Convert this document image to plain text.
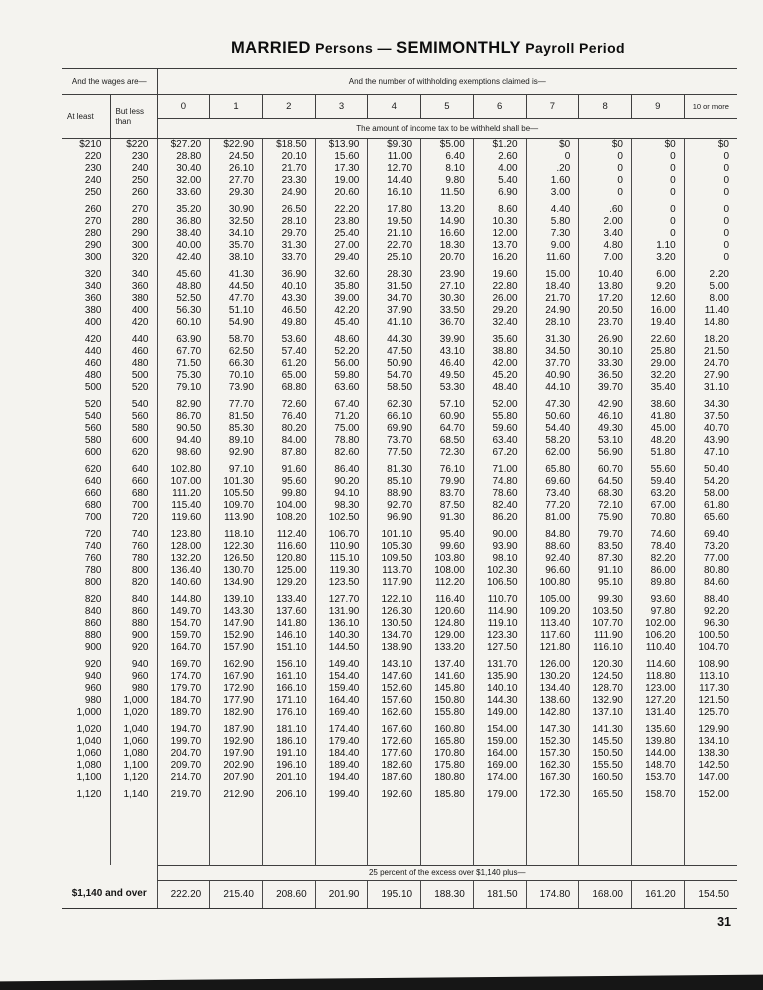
MARRIED Persons — SEMIMONTHLY Payroll Period
And the wages are—		And the number of withholding exemptions claimed is—										
At least	But less than	0	1	2	3	4	5	6	7	8	9	10 or more
		The amount of income tax to be withheld shall be—										
$210	$220	$27.20	$22.90	$18.50	$13.90	$9.30	$5.00	$1.20	$0	$0	$0	$0
220	230	28.80	24.50	20.10	15.60	11.00	6.40	2.60	0	0	0	0
230	240	30.40	26.10	21.70	17.30	12.70	8.10	4.00	.20	0	0	0
240	250	32.00	27.70	23.30	19.00	14.40	9.80	5.40	1.60	0	0	0
250	260	33.60	29.30	24.90	20.60	16.10	11.50	6.90	3.00	0	0	0

260	270	35.20	30.90	26.50	22.20	17.80	13.20	8.60	4.40	.60	0	0
270	280	36.80	32.50	28.10	23.80	19.50	14.90	10.30	5.80	2.00	0	0
280	290	38.40	34.10	29.70	25.40	21.10	16.60	12.00	7.30	3.40	0	0
290	300	40.00	35.70	31.30	27.00	22.70	18.30	13.70	9.00	4.80	1.10	0
300	320	42.40	38.10	33.70	29.40	25.10	20.70	16.20	11.60	7.00	3.20	0

320	340	45.60	41.30	36.90	32.60	28.30	23.90	19.60	15.00	10.40	6.00	2.20
340	360	48.80	44.50	40.10	35.80	31.50	27.10	22.80	18.40	13.80	9.20	5.00
360	380	52.50	47.70	43.30	39.00	34.70	30.30	26.00	21.70	17.20	12.60	8.00
380	400	56.30	51.10	46.50	42.20	37.90	33.50	29.20	24.90	20.50	16.00	11.40
400	420	60.10	54.90	49.80	45.40	41.10	36.70	32.40	28.10	23.70	19.40	14.80

420	440	63.90	58.70	53.60	48.60	44.30	39.90	35.60	31.30	26.90	22.60	18.20
440	460	67.70	62.50	57.40	52.20	47.50	43.10	38.80	34.50	30.10	25.80	21.50
460	480	71.50	66.30	61.20	56.00	50.90	46.40	42.00	37.70	33.30	29.00	24.70
480	500	75.30	70.10	65.00	59.80	54.70	49.50	45.20	40.90	36.50	32.20	27.90
500	520	79.10	73.90	68.80	63.60	58.50	53.30	48.40	44.10	39.70	35.40	31.10

520	540	82.90	77.70	72.60	67.40	62.30	57.10	52.00	47.30	42.90	38.60	34.30
540	560	86.70	81.50	76.40	71.20	66.10	60.90	55.80	50.60	46.10	41.80	37.50
560	580	90.50	85.30	80.20	75.00	69.90	64.70	59.60	54.40	49.30	45.00	40.70
580	600	94.40	89.10	84.00	78.80	73.70	68.50	63.40	58.20	53.10	48.20	43.90
600	620	98.60	92.90	87.80	82.60	77.50	72.30	67.20	62.00	56.90	51.80	47.10

620	640	102.80	97.10	91.60	86.40	81.30	76.10	71.00	65.80	60.70	55.60	50.40
640	660	107.00	101.30	95.60	90.20	85.10	79.90	74.80	69.60	64.50	59.40	54.20
660	680	111.20	105.50	99.80	94.10	88.90	83.70	78.60	73.40	68.30	63.20	58.00
680	700	115.40	109.70	104.00	98.30	92.70	87.50	82.40	77.20	72.10	67.00	61.80
700	720	119.60	113.90	108.20	102.50	96.90	91.30	86.20	81.00	75.90	70.80	65.60

720	740	123.80	118.10	112.40	106.70	101.10	95.40	90.00	84.80	79.70	74.60	69.40
740	760	128.00	122.30	116.60	110.90	105.30	99.60	93.90	88.60	83.50	78.40	73.20
760	780	132.20	126.50	120.80	115.10	109.50	103.80	98.10	92.40	87.30	82.20	77.00
780	800	136.40	130.70	125.00	119.30	113.70	108.00	102.30	96.60	91.10	86.00	80.80
800	820	140.60	134.90	129.20	123.50	117.90	112.20	106.50	100.80	95.10	89.80	84.60

820	840	144.80	139.10	133.40	127.70	122.10	116.40	110.70	105.00	99.30	93.60	88.40
840	860	149.70	143.30	137.60	131.90	126.30	120.60	114.90	109.20	103.50	97.80	92.20
860	880	154.70	147.90	141.80	136.10	130.50	124.80	119.10	113.40	107.70	102.00	96.30
880	900	159.70	152.90	146.10	140.30	134.70	129.00	123.30	117.60	111.90	106.20	100.50
900	920	164.70	157.90	151.10	144.50	138.90	133.20	127.50	121.80	116.10	110.40	104.70

920	940	169.70	162.90	156.10	149.40	143.10	137.40	131.70	126.00	120.30	114.60	108.90
940	960	174.70	167.90	161.10	154.40	147.60	141.60	135.90	130.20	124.50	118.80	113.10
960	980	179.70	172.90	166.10	159.40	152.60	145.80	140.10	134.40	128.70	123.00	117.30
980	1,000	184.70	177.90	171.10	164.40	157.60	150.80	144.30	138.60	132.90	127.20	121.50
1,000	1,020	189.70	182.90	176.10	169.40	162.60	155.80	149.00	142.80	137.10	131.40	125.70

1,020	1,040	194.70	187.90	181.10	174.40	167.60	160.80	154.00	147.30	141.30	135.60	129.90
1,040	1,060	199.70	192.90	186.10	179.40	172.60	165.80	159.00	152.30	145.50	139.80	134.10
1,060	1,080	204.70	197.90	191.10	184.40	177.60	170.80	164.00	157.30	150.50	144.00	138.30
1,080	1,100	209.70	202.90	196.10	189.40	182.60	175.80	169.00	162.30	155.50	148.70	142.50
1,100	1,120	214.70	207.90	201.10	194.40	187.60	180.80	174.00	167.30	160.50	153.70	147.00

1,120	1,140	219.70	212.90	206.10	199.40	192.60	185.80	179.00	172.30	165.50	158.70	152.00

		25 percent of the excess over $1,140 plus—										
$1,140 and over		222.20	215.40	208.60	201.90	195.10	188.30	181.50	174.80	168.00	161.20	154.50
31
